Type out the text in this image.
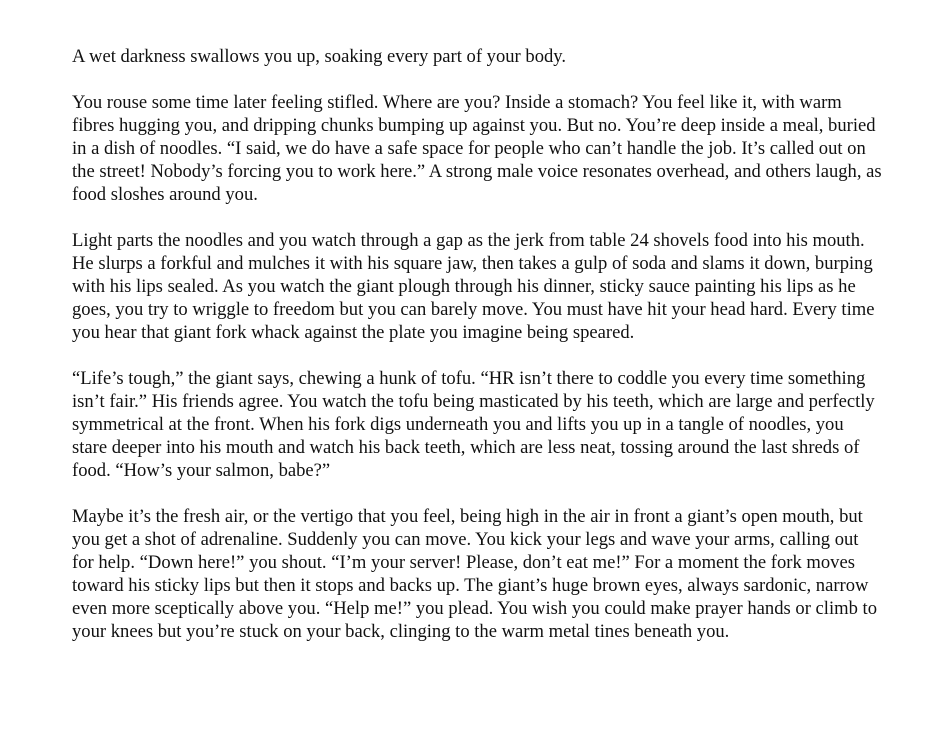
A wet darkness swallows you up, soaking every part of your body.

You rouse some time later feeling stifled. Where are you? Inside a stomach? You feel like it, with warm fibres hugging you, and dripping chunks bumping up against you. But no. You’re deep inside a meal, buried in a dish of noodles. “I said, we do have a safe space for people who can’t handle the job. It’s called out on the street! Nobody’s forcing you to work here.” A strong male voice resonates overhead, and others laugh, as food sloshes around you.

Light parts the noodles and you watch through a gap as the jerk from table 24 shovels food into his mouth. He slurps a forkful and mulches it with his square jaw, then takes a gulp of soda and slams it down, burping with his lips sealed. As you watch the giant plough through his dinner, sticky sauce painting his lips as he goes, you try to wriggle to freedom but you can barely move. You must have hit your head hard. Every time you hear that giant fork whack against the plate you imagine being speared.

“Life’s tough,” the giant says, chewing a hunk of tofu. “HR isn’t there to coddle you every time something isn’t fair.” His friends agree. You watch the tofu being masticated by his teeth, which are large and perfectly symmetrical at the front. When his fork digs underneath you and lifts you up in a tangle of noodles, you stare deeper into his mouth and watch his back teeth, which are less neat, tossing around the last shreds of food. “How’s your salmon, babe?”

Maybe it’s the fresh air, or the vertigo that you feel, being high in the air in front a giant’s open mouth, but you get a shot of adrenaline. Suddenly you can move. You kick your legs and wave your arms, calling out for help. “Down here!” you shout. “I’m your server! Please, don’t eat me!” For a moment the fork moves toward his sticky lips but then it stops and backs up. The giant’s huge brown eyes, always sardonic, narrow even more sceptically above you. “Help me!” you plead. You wish you could make prayer hands or climb to your knees but you’re stuck on your back, clinging to the warm metal tines beneath you.
